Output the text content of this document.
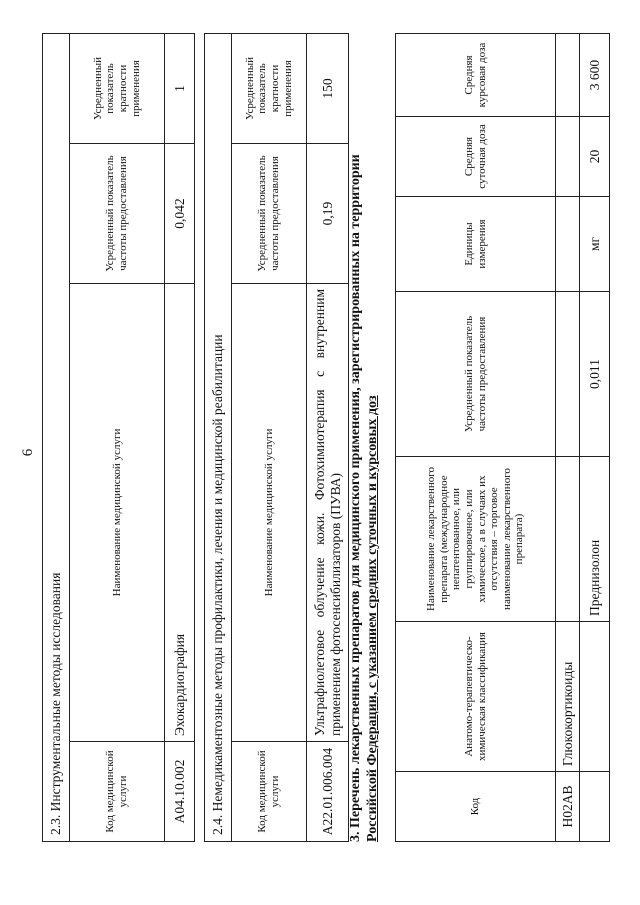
6
2.3. Инструментальные методы исследования			
Код медицинской услуги	Наименование медицинской услуги	Усредненный показатель частоты предоставления	Усредненный показатель кратности применения
A04.10.002	Эхокардиография	0,042	1
2.4. Немедикаментозные методы профилактики, лечения и медицинской реабилитации			
Код медицинской услуги	Наименование медицинской услуги	Усредненный показатель частоты предоставления	Усредненный показатель кратности применения
A22.01.006.004	Ультрафиолетовое облучение кожи. Фотохимиотерапия с внутренним применением фотосенсибилизаторов (ПУВА)	0,19	150
3. Перечень лекарственных препаратов для медицинского применения, зарегистрированных на территории Российской Федерации, с указанием средних суточных и курсовых доз	Код	Анатомо-терапевтическо-химическая классификация	Наименование лекарственного препарата (международное непатентованное, или группировочное, или химическое, а в случаях их отсутствия – торговое наименование лекарственного препарата)	Усредненный показатель частоты предоставления	Единицы измерения	Средняя суточная доза	Средняя курсовая доза
H02AB	Глюкокортикоиды					
		Преднизолон	0,011	мг	20	3 600
